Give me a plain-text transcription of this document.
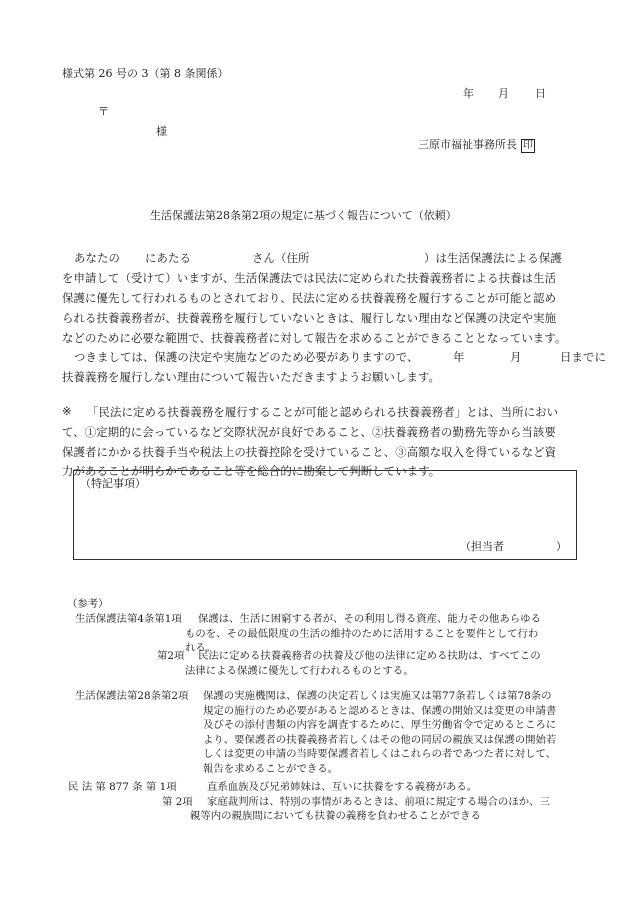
様式第 26 号の 3（第 8 条関係）
年 月 日
〒
様
三原市福祉事務所長 印
生活保護法第28条第2項の規定に基づく報告について（依頼）
あなたの にあたる	さん（住所	）は生活保護法による保護
を申請して（受けて）いますが、生活保護法では民法に定められた扶養義務者による扶養は生活
保護に優先して行われるものとされており、民法に定める扶養義務を履行することが可能と認め
られる扶養義務者が、扶養義務を履行していないときは、履行しない理由など保護の決定や実施
などのために必要な範囲で、扶養義務者に対して報告を求めることができることとなっています。
つきましては、保護の決定や実施などのため必要がありますので、	年	月	日までに
扶養義務を履行しない理由について報告いただきますようお願いします。
※ 「民法に定める扶養義務を履行することが可能と認められる扶養義務者」とは、当所におい
て、①定期的に会っているなど交際状況が良好であること、②扶養義務者の勤務先等から当該要
保護者にかかる扶養手当や税法上の扶養控除を受けていること、③高額な収入を得ているなど資
力があることが明らかであること等を総合的に勘案して判断しています。
（特記事項）
（担当者	）
（参考）
生活保護法第4条第1項 保護は、生活に困窮する者が、その利用し得る資産、能力その他あらゆる
ものを、その最低限度の生活の維持のために活用することを要件として行わ
れる。
第2項 民法に定める扶養義務者の扶養及び他の法律に定める扶助は、すべてこの
法律による保護に優先して行われるものとする。
生活保護法第28条第2項 保護の実施機関は、保護の決定若しくは実施又は第77条若しくは第78条の
規定の施行のため必要があると認めるときは、保護の開始又は変更の申請書
及びその添付書類の内容を調査するために、厚生労働省令で定めるところに
より、要保護者の扶養義務者若しくはその他の同居の親族又は保護の開始若
しくは変更の申請の当時要保護者若しくはこれらの者であつた者に対して、
報告を求めることができる。
民 法 第 877 条 第 1項	直系血族及び兄弟姉妹は、互いに扶養をする義務がある。
第 2項 家庭裁判所は、特別の事情があるときは、前項に規定する場合のほか、三
親等内の親族間においても扶養の義務を負わせることができる
